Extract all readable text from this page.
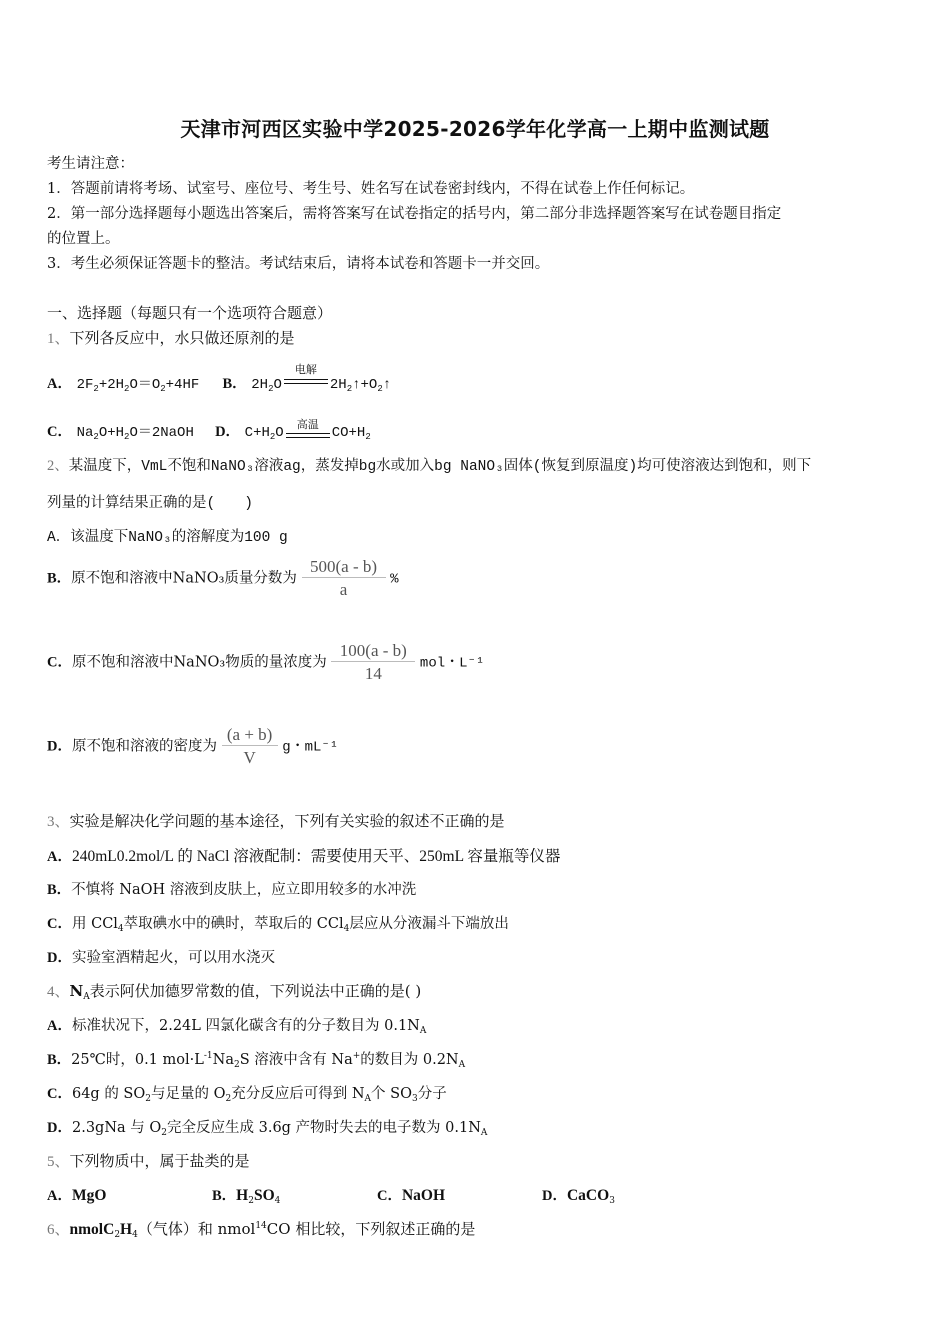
天津市河西区实验中学2025-2026学年化学高一上期中监测试题
考生请注意：
1．答题前请将考场、试室号、座位号、考生号、姓名写在试卷密封线内，不得在试卷上作任何标记。
2．第一部分选择题每小题选出答案后，需将答案写在试卷指定的括号内，第二部分非选择题答案写在试卷题目指定
的位置上。
3．考生必须保证答题卡的整洁。考试结束后，请将本试卷和答题卡一并交回。
一、选择题（每题只有一个选项符合题意）
1、下列各反应中，水只做还原剂的是
A． $2F_2+2H_2O=O_2+4HF$ B． $2H_2O$
电解
$2H_2↑+O_2↑$
C． $Na_2O+H_2O=2NaOH$ D． $C+H_2O$
高温
$CO+H_2$
2、某温度下，VmL不饱和NaNO₃溶液ag，蒸发掉bg水或加入bg NaNO₃固体(恢复到原温度)均可使溶液达到饱和，则下
列量的计算结果正确的是(　　)
A．该温度下NaNO₃的溶解度为100 g
B．原不饱和溶液中NaNO₃质量分数为 $\frac{500(a - b)}{a}$ %
C．原不饱和溶液中NaNO₃物质的量浓度为 $\frac{100(a - b)}{14}$ mol・L⁻¹
D．原不饱和溶液的密度为 $\frac{(a + b)}{V}$ g・mL⁻¹
3、实验是解决化学问题的基本途径，下列有关实验的叙述不正确的是
A．240mL0.2mol/L 的 NaCl 溶液配制：需要使用天平、250mL 容量瓶等仪器
B．不慎将 NaOH 溶液到皮肤上，应立即用较多的水冲洗
C．用 CCl$_4$萃取碘水中的碘时，萃取后的 CCl$_4$层应从分液漏斗下端放出
D．实验室酒精起火，可以用水浇灭
4、$N_A$表示阿伏加德罗常数的值，下列说法中正确的是( )
A．标准状况下，2.24L 四氯化碳含有的分子数目为 $0.1N_A$
B．25℃时，0.1 $mol\cdot L^{-1}Na_2S$ 溶液中含有 Na+的数目为 $0.2N_A$
C．64g 的 $SO_2$与足量的 $O_2$充分反应后可得到 $N_A$个 $SO_3$分子
D．2.3gNa 与 $O_2$完全反应生成 3.6g 产物时失去的电子数为 $0.1N_A$
5、下列物质中，属于盐类的是
A．MgO	B．$H_2SO_4$	C．NaOH	D．CaCO$_3$
6、$nmolC_2H_4$（气体）和 nmol$^{14}$CO 相比较，下列叙述正确的是
